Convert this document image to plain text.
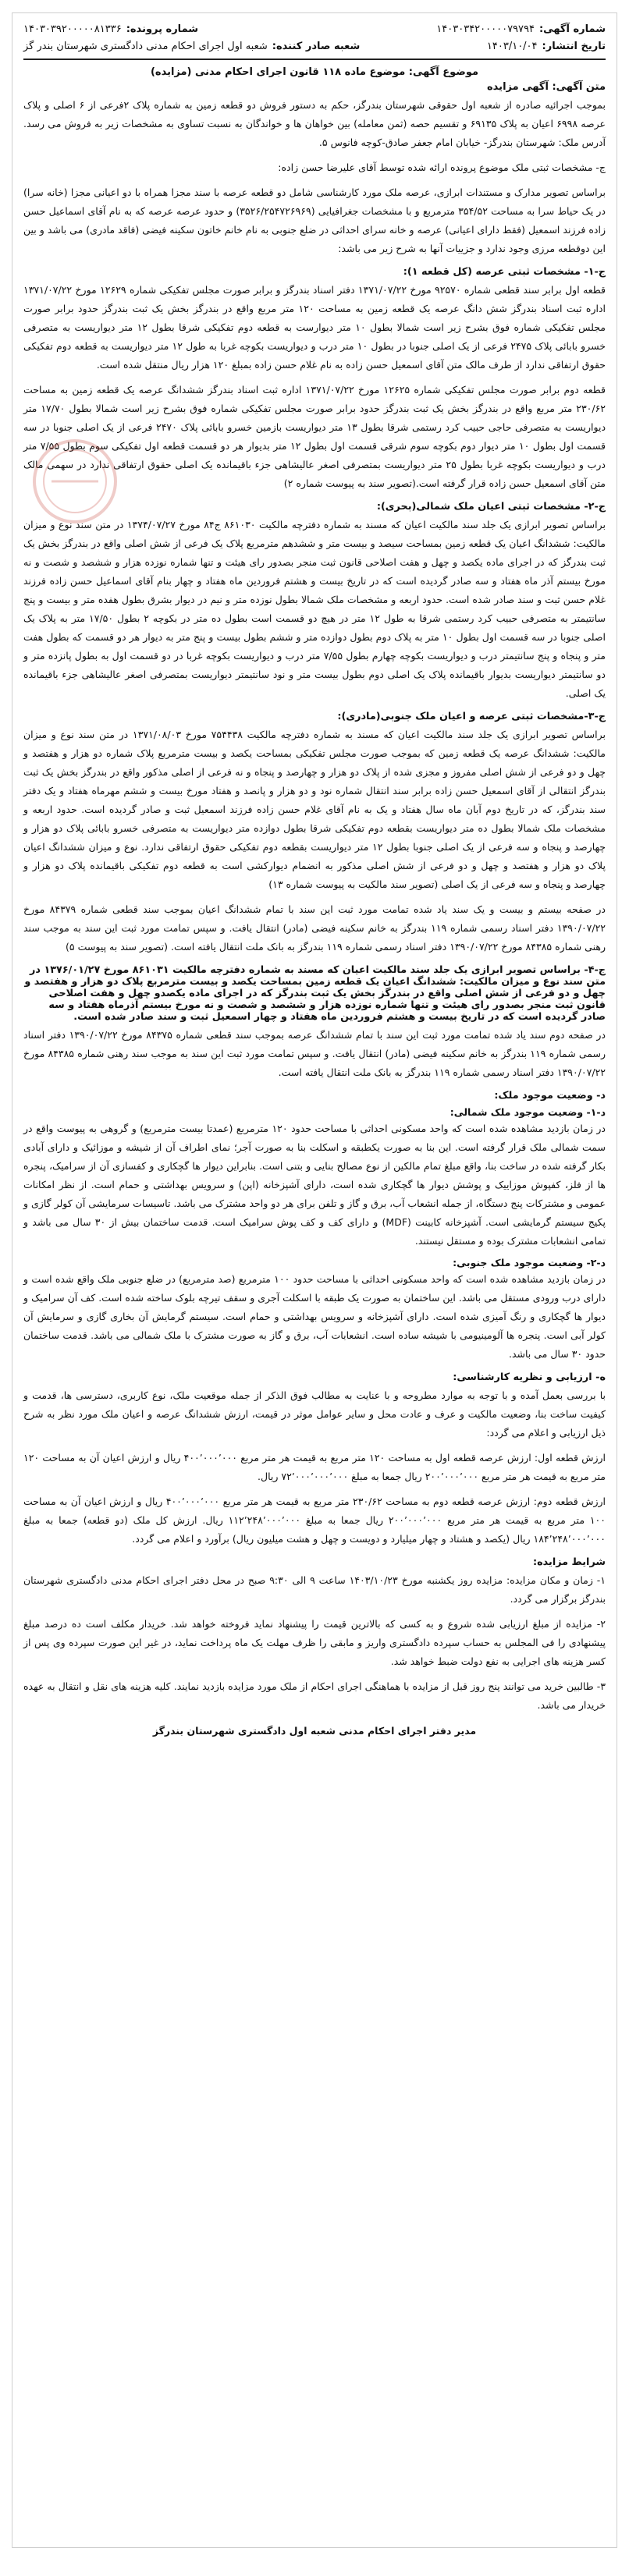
شماره آگهی:
۱۴۰۳۰۳۴۲۰۰۰۰۰۷۹۷۹۴
شماره پرونده:
۱۴۰۳۰۳۹۲۰۰۰۰۰۸۱۳۳۶
تاریخ انتشار:
۱۴۰۳/۱۰/۰۴
شعبه صادر کننده:
شعبه اول اجرای احکام مدنی دادگستری شهرستان بندر گز
موضوع آگهی: موضوع ماده ۱۱۸ قانون اجرای احکام مدنی (مزایده)
متن آگهی: آگهی مزایده

بموجب اجرائیه صادره از شعبه اول حقوقی شهرستان بندرگز، حکم به دستور فروش دو قطعه زمین به شماره پلاک ۲فرعی از ۶ اصلی و پلاک عرصه ۶۹۹۸ اعیان به پلاک ۶۹۱۳۵ و تقسیم حصه (ثمن معامله) بین خواهان ها و خواندگان به نسبت تساوی به مشخصات زیر به فروش می رسد. آدرس ملک: شهرستان بندرگز- خیابان امام جعفر صادق-کوچه فانوس ۵.

ج- مشخصات ثبتی ملک موضوع پرونده ارائه شده توسط آقای علیرضا حسن زاده:

براساس تصویر مدارک و مستندات ابرازی، عرصه ملک مورد کارشناسی شامل دو قطعه عرصه با سند مجزا همراه با دو اعیانی مجزا (خانه سرا) در یک حیاط سرا به مساحت ۳۵۴/۵۲ مترمربع و با مشخصات جغرافیایی (۳۵۲۶/۲۵۴۷۲۶۹۶۹) و حدود عرصه عرصه که به نام آقای اسماعیل حسن زاده فرزند اسمعیل (فقط دارای اعیانی) عرصه و خانه سرای احداثی در ضلع جنوبی به نام خانم خاتون سکینه فیضی (فاقد مادری) می باشد و بین این دوقطعه مرزی وجود ندارد و جزییات آنها به شرح زیر می باشد:

ج-۱- مشخصات ثبتی عرصه (کل قطعه ۱):

قطعه اول برابر سند قطعی شماره ۹۲۵۷۰ مورخ ۱۳۷۱/۰۷/۲۲ دفتر اسناد بندرگز و برابر صورت مجلس تفکیکی شماره ۱۲۶۲۹ مورخ ۱۳۷۱/۰۷/۲۲ اداره ثبت اسناد بندرگز شش دانگ عرصه یک قطعه زمین به مساحت ۱۲۰ متر مربع واقع در بندرگز بخش یک ثبت بندرگز حدود برابر صورت مجلس تفکیکی شماره فوق بشرح زیر است شمالا بطول ۱۰ متر دیوارست به قطعه دوم تفکیکی شرقا بطول ۱۲ متر دیواریست به متصرفی خسرو بابائی پلاک ۲۴۷۵ فرعی از یک اصلی جنوبا در بطول ۱۰ متر درب و دیواریست بکوچه غربا به طول ۱۲ متر دیواریست به قطعه دوم تفکیکی حقوق ارتفاقی ندارد از طرف مالک متن آقای اسمعیل حسن زاده به نام غلام حسن زاده بمبلغ ۱۲۰ هزار ریال منتقل شده است.

قطعه دوم برابر صورت مجلس تفکیکی شماره ۱۲۶۲۵ مورخ ۱۳۷۱/۰۷/۲۲ اداره ثبت اسناد بندرگز ششدانگ عرصه یک قطعه زمین به مساحت ۲۳۰/۶۲ متر مربع واقع در بندرگز بخش یک ثبت بندرگز حدود برابر صورت مجلس تفکیکی شماره فوق بشرح زیر است شمالا بطول ۱۷/۷۰ متر دیواریست به متصرفی حاجی حبیب کرد رستمی شرقا بطول ۱۳ متر دیواریست بازمین خسرو بابائی پلاک ۲۴۷۰ فرعی از یک اصلی جنوبا در سه قسمت اول بطول ۱۰ متر دیوار دوم بکوچه سوم شرقی قسمت اول بطول ۱۲ متر بدیوار هر دو قسمت قطعه اول تفکیکی سوم بطول ۷/۵۵ متر درب و دیواریست بکوچه غربا بطول ۲۵ متر دیواریست بمتصرفی اصغر عالیشاهی جزء باقیمانده یک اصلی حقوق ارتفاقی ندارد در سهمی مالک متن آقای اسمعیل حسن زاده قرار گرفته است.(تصویر سند به پیوست شماره ۲)

ج-۲- مشخصات ثبتی اعیان ملک شمالی(بحری):

براساس تصویر ابرازی یک جلد سند مالکیت اعیان که مسند به شماره دفترچه مالکیت ۸۶۱۰۳۰ ج۸۴ مورخ ۱۳۷۴/۰۷/۲۷ در متن سند نوع و میزان مالکیت: ششدانگ اعیان یک قطعه زمین بمساحت سیصد و بیست متر و ششدهم مترمربع پلاک یک فرعی از شش اصلی واقع در بندرگز بخش یک ثبت بندرگز که در اجرای ماده یکصد و چهل و هفت اصلاحی قانون ثبت منجر بصدور رای هیئت و تنها شماره نوزده هزار و ششصد و شصت و نه مورخ بیستم آذر ماه هفتاد و سه صادر گردیده است که در تاریخ بیست و هشتم فروردین ماه هفتاد و چهار بنام آقای اسماعیل حسن زاده فرزند غلام حسن ثبت و سند صادر شده است. حدود اربعه و مشخصات ملک شمالا بطول نوزده متر و نیم در دیوار بشرق بطول هفده متر و بیست و پنج سانتیمتر به متصرفی حبیب کرد رستمی شرقا به طول ۱۲ متر در هیچ دو قسمت است بطول ده متر در بکوچه ۲ بطول ۱۷/۵۰ متر به پلاک یک اصلی جنوبا در سه قسمت اول بطول ۱۰ متر به پلاک دوم بطول دوازده متر و ششم بطول بیست و پنج متر به دیوار هر دو قسمت که بطول هفت متر و پنجاه و پنج سانتیمتر درب و دیواریست بکوچه چهارم بطول ۷/۵۵ متر درب و دیواریست بکوچه غربا در دو قسمت اول به بطول پانزده متر و دو سانتیمتر دیواریست بدیوار باقیمانده پلاک یک اصلی دوم بطول بیست متر و نود سانتیمتر دیواریست بمتصرفی اصغر عالیشاهی جزء باقیمانده یک اصلی.

ج-۳-مشخصات ثبتی عرصه و اعیان ملک جنوبی(مادری):

براساس تصویر ابرازی یک جلد سند مالکیت اعیان که مسند به شماره دفترچه مالکیت ۷۵۴۴۳۸ مورخ ۱۳۷۱/۰۸/۰۳ در متن سند نوع و میزان مالکیت: ششدانگ عرصه یک قطعه زمین که بموجب صورت مجلس تفکیکی بمساحت یکصد و بیست مترمربع پلاک شماره دو هزار و هفتصد و چهل و دو فرعی از شش اصلی مفروز و مجزی شده از پلاک دو هزار و چهارصد و پنجاه و نه فرعی از اصلی مذکور واقع در بندرگز بخش یک ثبت بندرگز انتقالی از آقای اسمعیل حسن زاده برابر سند انتقال شماره نود و دو هزار و پانصد و هفتاد مورخ بیست و ششم مهرماه هفتاد و یک دفتر سند بندرگز، که در تاریخ دوم آبان ماه سال هفتاد و یک به نام آقای غلام حسن زاده فرزند اسمعیل ثبت و صادر گردیده است. حدود اربعه و مشخصات ملک شمالا بطول ده متر دیواریست بقطعه دوم تفکیکی شرقا بطول دوازده متر دیواریست به متصرفی خسرو بابائی پلاک دو هزار و چهارصد و پنجاه و سه فرعی از یک اصلی جنوبا بطول ۱۲ متر دیواریست بقطعه دوم تفکیکی حقوق ارتفاقی ندارد. نوع و میزان ششدانگ اعیان پلاک دو هزار و هفتصد و چهل و دو فرعی از شش اصلی مذکور به انضمام دیوارکشی است به قطعه دوم تفکیکی باقیمانده پلاک دو هزار و چهارصد و پنجاه و سه فرعی از یک اصلی (تصویر سند مالکیت به پیوست شماره ۱۳)

در صفحه بیستم و بیست و یک سند یاد شده تمامت مورد ثبت این سند با تمام ششدانگ اعیان بموجب سند قطعی شماره ۸۴۳۷۹ مورخ ۱۳۹۰/۰۷/۲۲ دفتر اسناد رسمی شماره ۱۱۹ بندرگز به خانم سکینه فیضی (مادر) انتقال یافت. و سپس تمامت مورد ثبت این سند به موجب سند رهنی شماره ۸۴۳۸۵ مورخ ۱۳۹۰/۰۷/۲۲ دفتر اسناد رسمی شماره ۱۱۹ بندرگز به بانک ملت انتقال یافته است. (تصویر سند به پیوست ۵)

ج-۴- براساس تصویر ابرازی یک جلد سند مالکیت اعیان که مسند به شماره دفترچه مالکیت ۸۶۱۰۳۱ مورخ ۱۳۷۶/۰۱/۲۷ در متن سند نوع و میزان مالکیت: ششدانگ اعیان یک قطعه زمین بمساحت یکصد و بیست مترمربع پلاک دو هزار و هفتصد و چهل و دو فرعی از شش اصلی واقع در بندرگز بخش یک ثبت بندرگز که در اجرای ماده یکصدو چهل و هفت اصلاحی قانون ثبت منجر بصدور رای هیئت و تنها شماره نوزده هزار و ششصد و شصت و نه مورخ بیستم آذرماه هفتاد و سه صادر گردیده است که در تاریخ بیست و هشتم فروردین ماه هفتاد و چهار اسمعیل ثبت و سند صادر شده است.

در صفحه دوم سند یاد شده تمامت مورد ثبت این سند با تمام ششدانگ عرصه بموجب سند قطعی شماره ۸۴۳۷۵ مورخ ۱۳۹۰/۰۷/۲۲ دفتر اسناد رسمی شماره ۱۱۹ بندرگز به خانم سکینه فیضی (مادر) انتقال یافت. و سپس تمامت مورد ثبت این سند به موجب سند رهنی شماره ۸۴۳۸۵ مورخ ۱۳۹۰/۰۷/۲۲ دفتر اسناد رسمی شماره ۱۱۹ بندرگز به بانک ملت انتقال یافته است.

د- وضعیت موجود ملک:
د-۱- وضعیت موجود ملک شمالی:

در زمان بازدید مشاهده شده است که واحد مسکونی احداثی با مساحت حدود ۱۲۰ مترمربع (عمدتا بیست مترمربع) و گروهی به پیوست واقع در سمت شمالی ملک قرار گرفته است. این بنا به صورت یکطبقه و اسکلت بنا به صورت آجر؛ نمای اطراف آن از شیشه و موزائیک و دارای آبادی بکار گرفته شده در ساخت بنا، واقع مبلغ تمام مالکین از نوع مصالح بنایی و بتنی است. بنابراین دیوار ها گچکاری و کفسازی آن از سرامیک، پنجره ها از فلز، کفپوش موزاییک و پوشش دیوار ها گچکاری شده است، دارای آشپزخانه (اپن) و سرویس بهداشتی و حمام است. از نظر امکانات عمومی و مشترکات پنج دستگاه، از جمله انشعاب آب، برق و گاز و تلفن برای هر دو واحد مشترک می باشد. تاسیسات سرمایشی آن کولر گازی و پکیج سیستم گرمایشی است. آشپزخانه کابینت (MDF) و دارای کف و کف پوش سرامیک است. قدمت ساختمان بیش از ۳۰ سال می باشد و تمامی انشعابات مشترک بوده و مستقل نیستند.

د-۲- وضعیت موجود ملک جنوبی:

در زمان بازدید مشاهده شده است که واحد مسکونی احداثی با مساحت حدود ۱۰۰ مترمربع (صد مترمربع) در ضلع جنوبی ملک واقع شده است و دارای درب ورودی مستقل می باشد. این ساختمان به صورت یک طبقه با اسکلت آجری و سقف تیرچه بلوک ساخته شده است. کف آن سرامیک و دیوار ها گچکاری و رنگ آمیزی شده است. دارای آشپزخانه و سرویس بهداشتی و حمام است. سیستم گرمایش آن بخاری گازی و سرمایش آن کولر آبی است. پنجره ها آلومینیومی با شیشه ساده است. انشعابات آب، برق و گاز به صورت مشترک با ملک شمالی می باشد. قدمت ساختمان حدود ۳۰ سال می باشد.

ه- ارزیابی و نظریه کارشناسی:

با بررسی بعمل آمده و با توجه به موارد مطروحه و با عنایت به مطالب فوق الذکر از جمله موقعیت ملک، نوع کاربری، دسترسی ها، قدمت و کیفیت ساخت بنا، وضعیت مالکیت و عرف و عادت محل و سایر عوامل موثر در قیمت، ارزش ششدانگ عرصه و اعیان ملک مورد نظر به شرح ذیل ارزیابی و اعلام می گردد:

ارزش قطعه اول: ارزش عرصه قطعه اول به مساحت ۱۲۰ متر مربع به قیمت هر متر مربع ۴۰۰٬۰۰۰٬۰۰۰ ریال و ارزش اعیان آن به مساحت ۱۲۰ متر مربع به قیمت هر متر مربع ۲۰۰٬۰۰۰٬۰۰۰ ریال جمعا به مبلغ ۷۲٬۰۰۰٬۰۰۰٬۰۰۰ ریال.

ارزش قطعه دوم: ارزش عرصه قطعه دوم به مساحت ۲۳۰/۶۲ متر مربع به قیمت هر متر مربع ۴۰۰٬۰۰۰٬۰۰۰ ریال و ارزش اعیان آن به مساحت ۱۰۰ متر مربع به قیمت هر متر مربع ۲۰۰٬۰۰۰٬۰۰۰ ریال جمعا به مبلغ ۱۱۲٬۲۴۸٬۰۰۰٬۰۰۰ ریال. ارزش کل ملک (دو قطعه) جمعا به مبلغ ۱۸۴٬۲۴۸٬۰۰۰٬۰۰۰ ریال (یکصد و هشتاد و چهار میلیارد و دویست و چهل و هشت میلیون ریال) برآورد و اعلام می گردد.

شرایط مزایده:

۱- زمان و مکان مزایده: مزایده روز یکشنبه مورخ ۱۴۰۳/۱۰/۲۳ ساعت ۹ الی ۹:۳۰ صبح در محل دفتر اجرای احکام مدنی دادگستری شهرستان بندرگز برگزار می گردد.

۲- مزایده از مبلغ ارزیابی شده شروع و به کسی که بالاترین قیمت را پیشنهاد نماید فروخته خواهد شد. خریدار مکلف است ده درصد مبلغ پیشنهادی را فی المجلس به حساب سپرده دادگستری واریز و مابقی را ظرف مهلت یک ماه پرداخت نماید، در غیر این صورت سپرده وی پس از کسر هزینه های اجرایی به نفع دولت ضبط خواهد شد.

۳- طالبین خرید می توانند پنج روز قبل از مزایده با هماهنگی اجرای احکام از ملک مورد مزایده بازدید نمایند. کلیه هزینه های نقل و انتقال به عهده خریدار می باشد.

مدیر دفتر اجرای احکام مدنی شعبه اول دادگستری شهرستان بندرگز
